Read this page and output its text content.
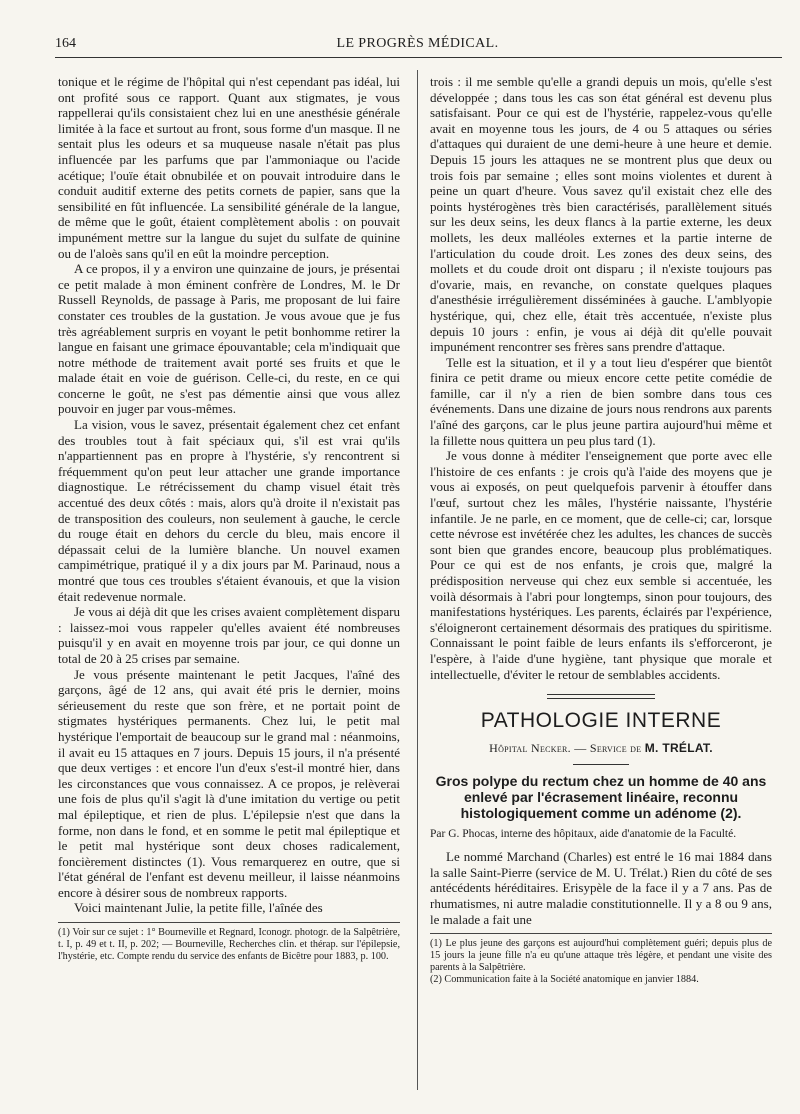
164	LE PROGRÈS MÉDICAL.

tonique et le régime de l'hôpital qui n'est cependant pas idéal, lui ont profité sous ce rapport. Quant aux stigmates, je vous rappellerai qu'ils consistaient chez lui en une anesthésie générale limitée à la face et surtout au front, sous forme d'un masque. Il ne sentait plus les odeurs et sa muqueuse nasale n'était pas plus influencée par les parfums que par l'ammoniaque ou l'acide acétique; l'ouïe était obnubilée et on pouvait introduire dans le conduit auditif externe des petits cornets de papier, sans que la sensibilité en fût influencée. La sensibilité générale de la langue, de même que le goût, étaient complètement abolis : on pouvait impunément mettre sur la langue du sujet du sulfate de quinine ou de l'aloès sans qu'il en eût la moindre perception.

A ce propos, il y a environ une quinzaine de jours, je présentai ce petit malade à mon éminent confrère de Londres, M. le Dr Russell Reynolds, de passage à Paris, me proposant de lui faire constater ces troubles de la gustation. Je vous avoue que je fus très agréablement surpris en voyant le petit bonhomme retirer la langue en faisant une grimace épouvantable; cela m'indiquait que notre méthode de traitement avait porté ses fruits et que le malade était en voie de guérison. Celle-ci, du reste, en ce qui concerne le goût, ne s'est pas démentie ainsi que vous allez pouvoir en juger par vous-mêmes.

La vision, vous le savez, présentait également chez cet enfant des troubles tout à fait spéciaux qui, s'il est vrai qu'ils n'appartiennent pas en propre à l'hystérie, s'y rencontrent si fréquemment qu'on peut leur attacher une grande importance diagnostique. Le rétrécissement du champ visuel était très accentué des deux côtés : mais, alors qu'à droite il n'existait pas de transposition des couleurs, non seulement à gauche, le cercle du rouge était en dehors du cercle du bleu, mais encore il dépassait celui de la lumière blanche. Un nouvel examen campimétrique, pratiqué il y a dix jours par M. Parinaud, nous a montré que tous ces troubles s'étaient évanouis, et que la vision était redevenue normale.

Je vous ai déjà dit que les crises avaient complètement disparu : laissez-moi vous rappeler qu'elles avaient été nombreuses puisqu'il y en avait en moyenne trois par jour, ce qui donne un total de 20 à 25 crises par semaine.

Je vous présente maintenant le petit Jacques, l'aîné des garçons, âgé de 12 ans, qui avait été pris le dernier, moins sérieusement du reste que son frère, et ne portait point de stigmates hystériques permanents. Chez lui, le petit mal hystérique l'emportait de beaucoup sur le grand mal : néanmoins, il avait eu 15 attaques en 7 jours. Depuis 15 jours, il n'a présenté que deux vertiges : et encore l'un d'eux s'est-il montré hier, dans les circonstances que vous connaissez. A ce propos, je relèverai une fois de plus qu'il s'agit là d'une imitation du vertige ou petit mal épileptique, et rien de plus. L'épilepsie n'est que dans la forme, non dans le fond, et en somme le petit mal épileptique et le petit mal hystérique sont deux choses radicalement, foncièrement distinctes (1). Vous remarquerez en outre, que si l'état général de l'enfant est devenu meilleur, il laisse néanmoins encore à désirer sous de nombreux rapports.

Voici maintenant Julie, la petite fille, l'aînée des

(1) Voir sur ce sujet : 1° Bourneville et Regnard, Iconogr. photogr. de la Salpêtrière, t. I, p. 49 et t. II, p. 202; — Bourneville, Recherches clin. et thérap. sur l'épilepsie, l'hystérie, etc. Compte rendu du service des enfants de Bicêtre pour 1883, p. 100.

trois : il me semble qu'elle a grandi depuis un mois, qu'elle s'est développée ; dans tous les cas son état général est devenu plus satisfaisant. Pour ce qui est de l'hystérie, rappelez-vous qu'elle avait en moyenne tous les jours, de 4 ou 5 attaques ou séries d'attaques qui duraient de une demi-heure à une heure et demie. Depuis 15 jours les attaques ne se montrent plus que deux ou trois fois par semaine ; elles sont moins violentes et durent à peine un quart d'heure. Vous savez qu'il existait chez elle des points hystérogènes très bien caractérisés, parallèlement situés sur les deux seins, les deux flancs à la partie externe, les deux mollets, les deux malléoles externes et la partie interne de l'articulation du coude droit. Les zones des deux seins, des mollets et du coude droit ont disparu ; il n'existe toujours pas d'ovarie, mais, en revanche, on constate quelques plaques d'anesthésie irrégulièrement disséminées à gauche. L'amblyopie hystérique, qui, chez elle, était très accentuée, n'existe plus depuis 10 jours : enfin, je vous ai déjà dit qu'elle pouvait impunément rencontrer ses frères sans prendre d'attaque.

Telle est la situation, et il y a tout lieu d'espérer que bientôt finira ce petit drame ou mieux encore cette petite comédie de famille, car il n'y a rien de bien sombre dans tous ces événements. Dans une dizaine de jours nous rendrons aux parents l'aîné des garçons, car le plus jeune partira aujourd'hui même et la fillette nous quittera un peu plus tard (1).

Je vous donne à méditer l'enseignement que porte avec elle l'histoire de ces enfants : je crois qu'à l'aide des moyens que je vous ai exposés, on peut quelquefois parvenir à étouffer dans l'œuf, surtout chez les mâles, l'hystérie naissante, l'hystérie infantile. Je ne parle, en ce moment, que de celle-ci; car, lorsque cette névrose est invétérée chez les adultes, les chances de succès sont bien que grandes encore, beaucoup plus problématiques. Pour ce qui est de nos enfants, je crois que, malgré la prédisposition nerveuse qui chez eux semble si accentuée, les voilà désormais à l'abri pour longtemps, sinon pour toujours, des manifestations hystériques. Les parents, éclairés par l'expérience, s'éloigneront certainement désormais des pratiques du spiritisme. Connaissant le point faible de leurs enfants ils s'efforceront, je l'espère, à l'aide d'une hygiène, tant physique que morale et intellectuelle, d'éviter le retour de semblables accidents.

PATHOLOGIE INTERNE
Hôpital Necker. — Service de M. TRÉLAT.
Gros polype du rectum chez un homme de 40 ans enlevé par l'écrasement linéaire, reconnu histologiquement comme un adénome (2).
Par G. Phocas, interne des hôpitaux, aide d'anatomie de la Faculté.

Le nommé Marchand (Charles) est entré le 16 mai 1884 dans la salle Saint-Pierre (service de M. U. Trélat.) Rien du côté de ses antécédents héréditaires. Erisypèle de la face il y a 7 ans. Pas de rhumatismes, ni autre maladie constitutionnelle. Il y a 8 ou 9 ans, le malade a fait une

(1) Le plus jeune des garçons est aujourd'hui complètement guéri; depuis plus de 15 jours la jeune fille n'a eu qu'une attaque très légère, et pendant une visite des parents à la Salpêtrière.

(2) Communication faite à la Société anatomique en janvier 1884.
